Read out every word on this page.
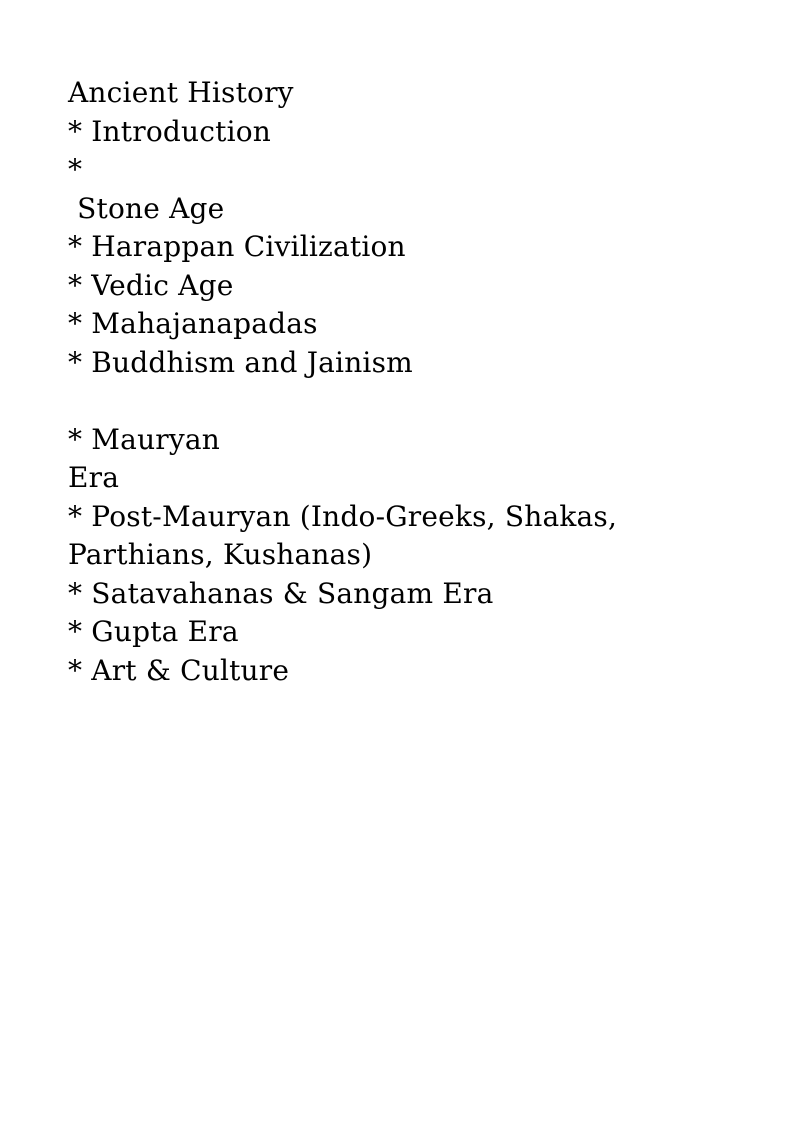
Ancient History
* Introduction
*
Stone Age
* Harappan Civilization
* Vedic Age
* Mahajanapadas
* Buddhism and Jainism
* Mauryan
Era
* Post-Mauryan (Indo-Greeks, Shakas,
Parthians, Kushanas)
* Satavahanas & Sangam Era
* Gupta Era
* Art & Culture
